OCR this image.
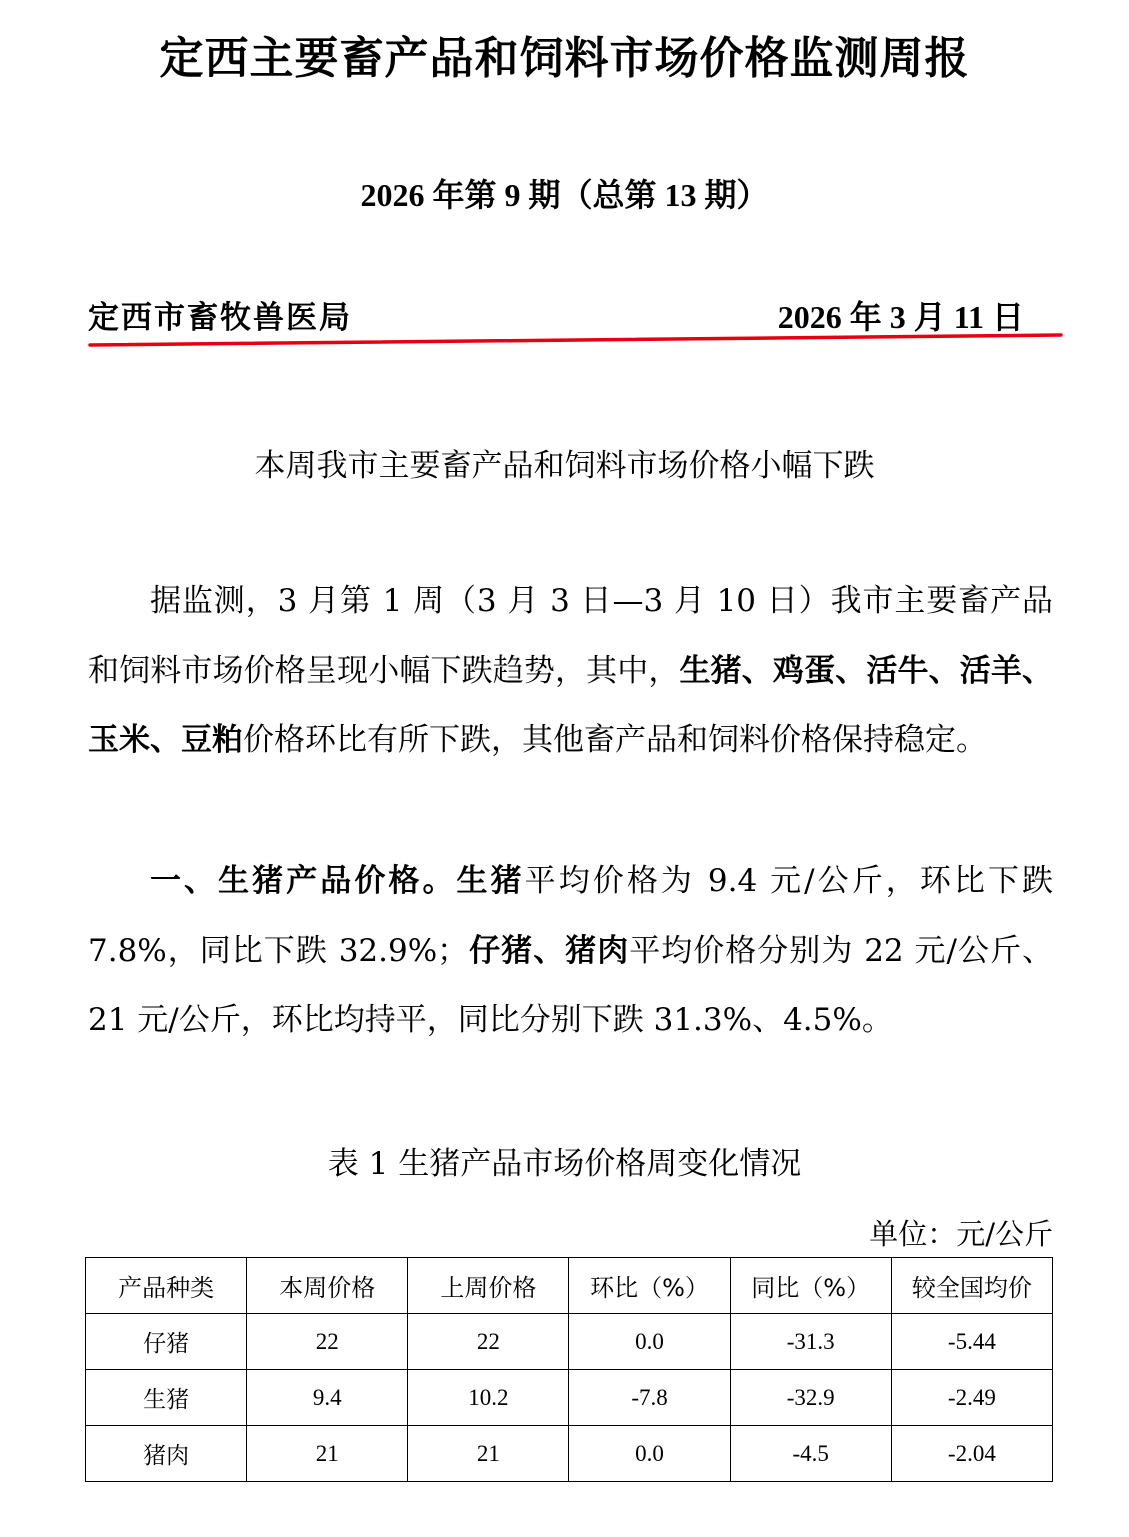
定西主要畜产品和饲料市场价格监测周报
2026 年第 9 期（总第 13 期）
定西市畜牧兽医局	2026 年 3 月 11 日
本周我市主要畜产品和饲料市场价格小幅下跌

据监测，3 月第 1 周（3 月 3 日—3 月 10 日）我市主要畜产品和饲料市场价格呈现小幅下跌趋势，其中，生猪、鸡蛋、活牛、活羊、玉米、豆粕价格环比有所下跌，其他畜产品和饲料价格保持稳定。

一、生猪产品价格。生猪平均价格为 9.4 元/公斤，环比下跌 7.8%，同比下跌 32.9%；仔猪、猪肉平均价格分别为 22 元/公斤、21 元/公斤，环比均持平，同比分别下跌 31.3%、4.5%。

表 1 生猪产品市场价格周变化情况
单位：元/公斤
产品种类	本周价格	上周价格	环比（%）	同比（%）	较全国均价
仔猪	22	22	0.0	-31.3	-5.44
生猪	9.4	10.2	-7.8	-32.9	-2.49
猪肉	21	21	0.0	-4.5	-2.04
